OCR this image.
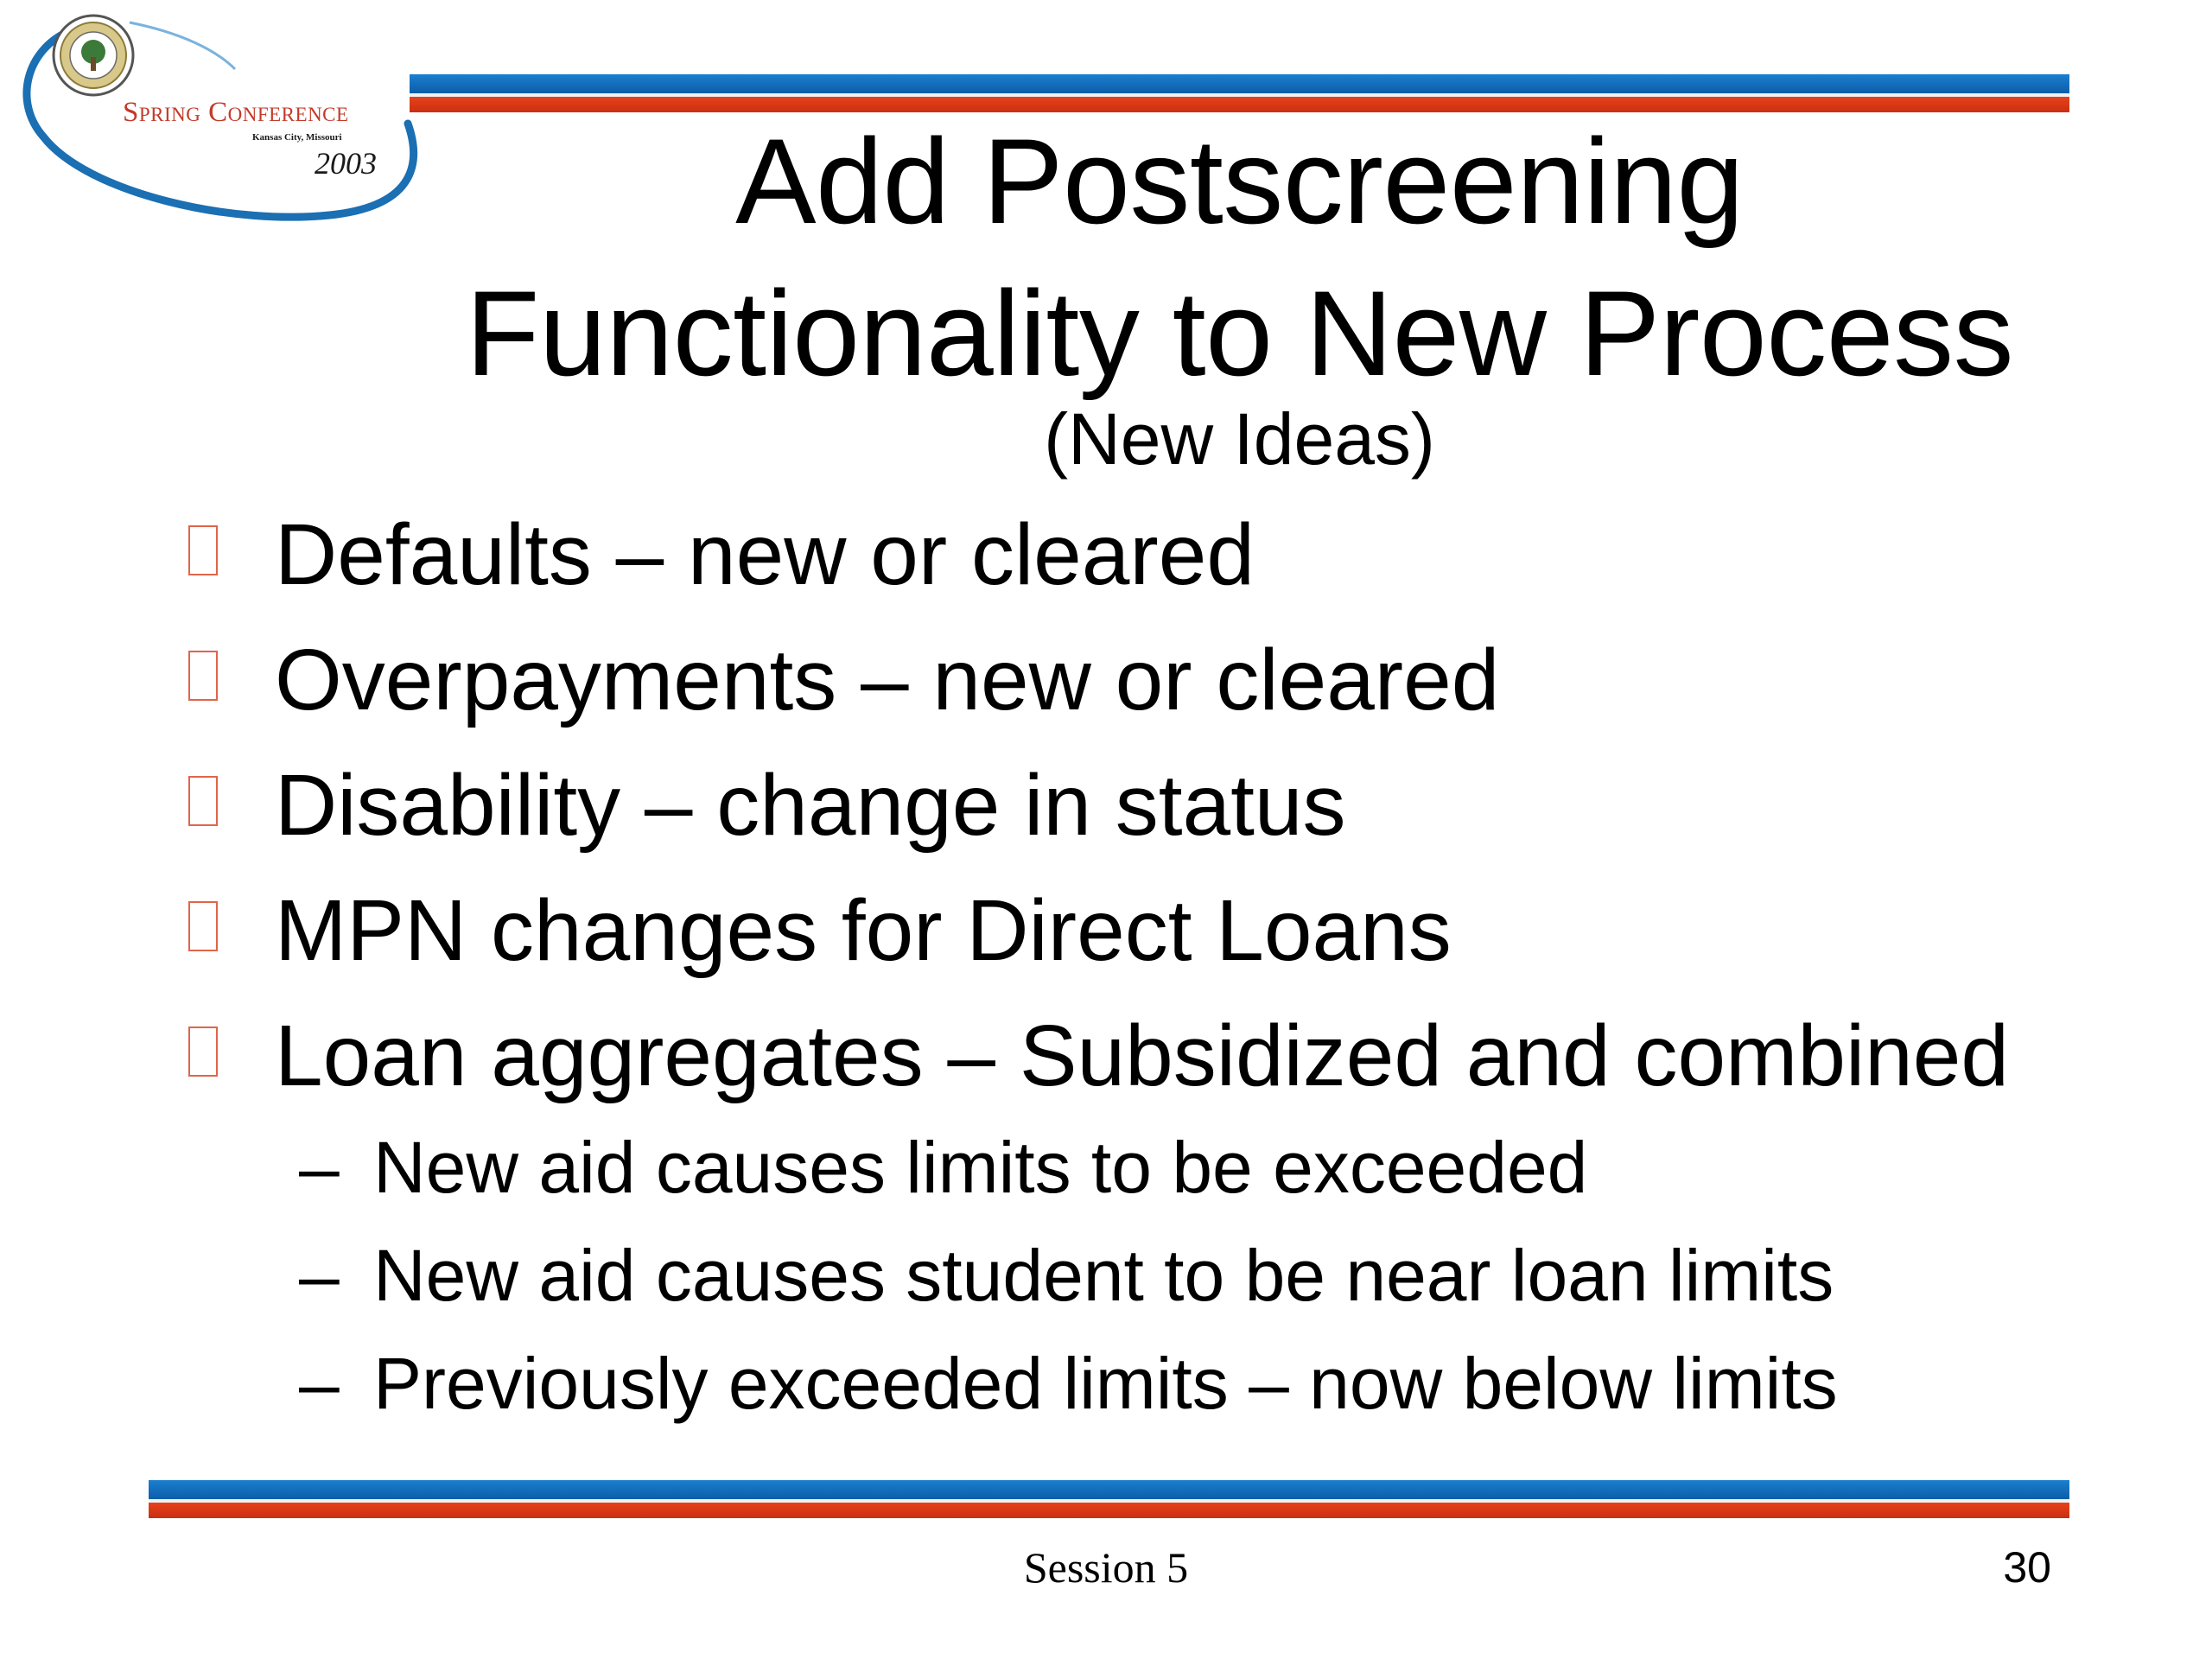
Spring Conference
Kansas City, Missouri
2003	Add Postscreening
Functionality to New Process
(New Ideas)
Defaults – new or cleared
Overpayments – new or cleared
Disability – change in status
MPN changes for Direct Loans
Loan aggregates – Subsidized and combined
– New aid causes limits to be exceeded
– New aid causes student to be near loan limits
– Previously exceeded limits – now below limits
Session 5	30
